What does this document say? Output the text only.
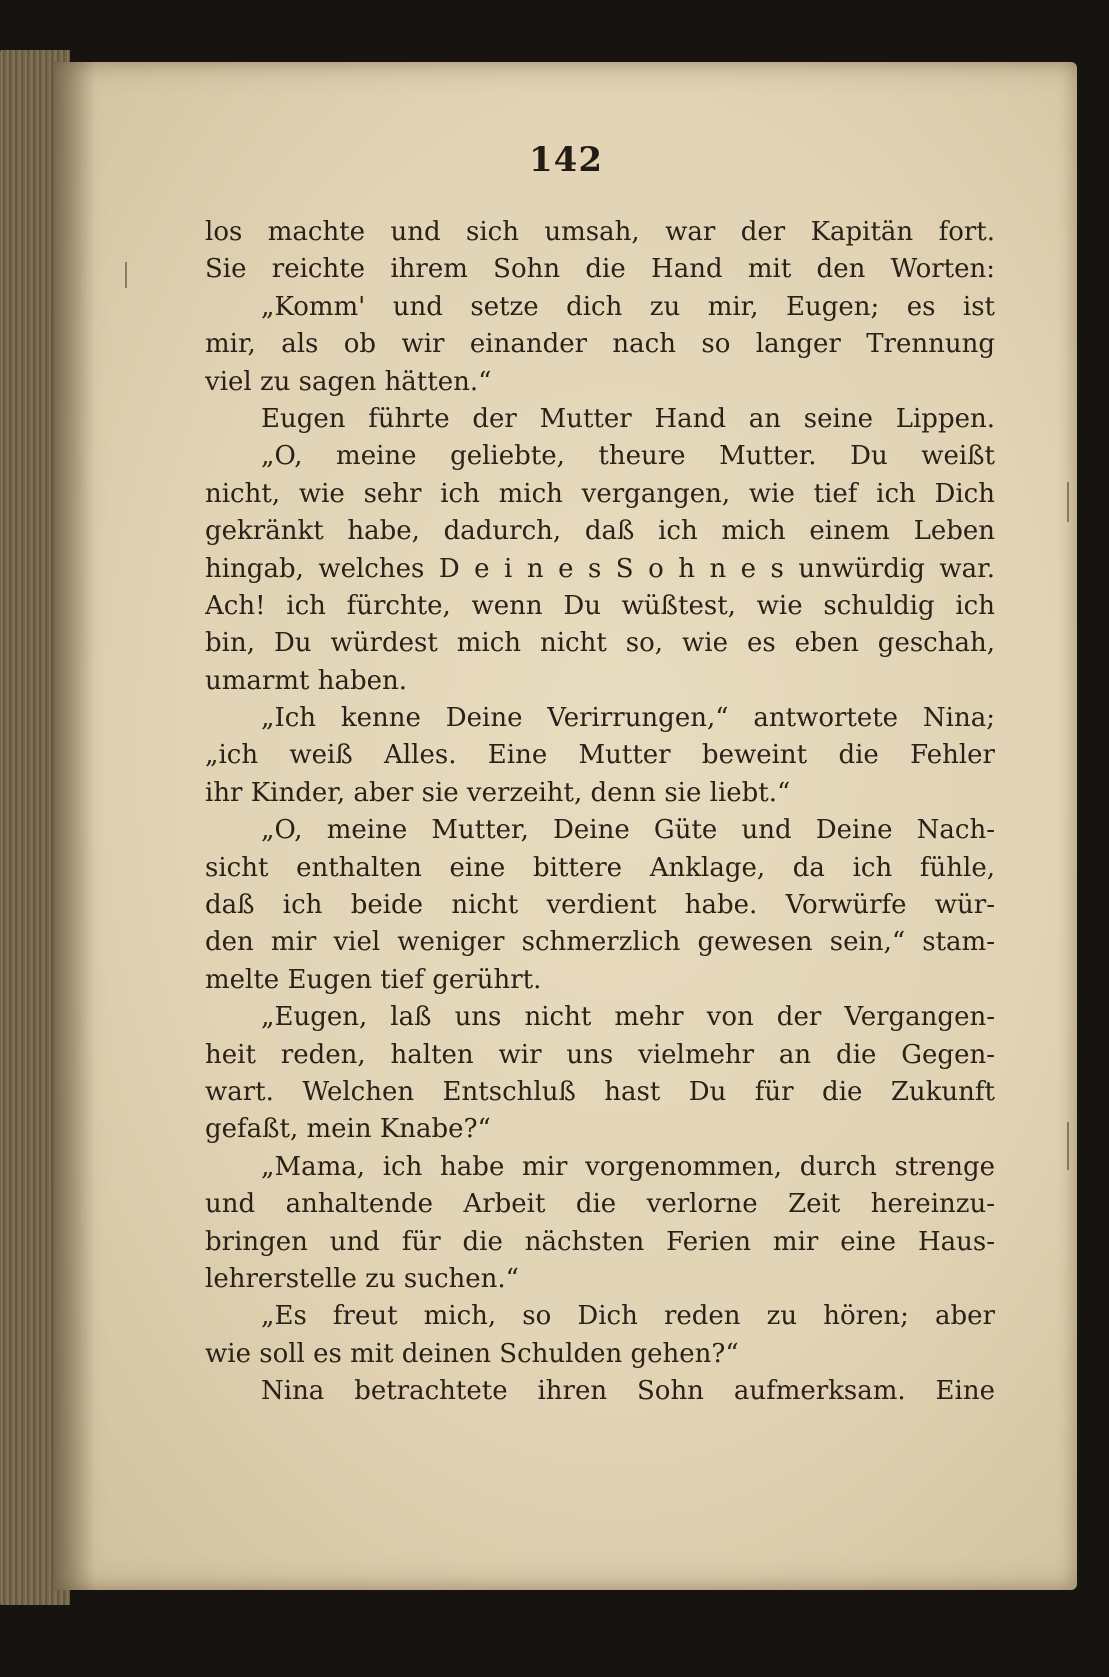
142
los machte und sich umsah, war der Kapitän fort.
Sie reichte ihrem Sohn die Hand mit den Worten:
„Komm' und setze dich zu mir, Eugen; es ist
mir, als ob wir einander nach so langer Trennung
viel zu sagen hätten.“
Eugen führte der Mutter Hand an seine Lippen.
„O, meine geliebte, theure Mutter. Du weißt
nicht, wie sehr ich mich vergangen, wie tief ich Dich
gekränkt habe, dadurch, daß ich mich einem Leben
hingab, welches D e i n e s S o h n e s unwürdig war.
Ach! ich fürchte, wenn Du wüßtest, wie schuldig ich
bin, Du würdest mich nicht so, wie es eben geschah,
umarmt haben.
„Ich kenne Deine Verirrungen,“ antwortete Nina;
„ich weiß Alles. Eine Mutter beweint die Fehler
ihr Kinder, aber sie verzeiht, denn sie liebt.“
„O, meine Mutter, Deine Güte und Deine Nach-
sicht enthalten eine bittere Anklage, da ich fühle,
daß ich beide nicht verdient habe. Vorwürfe wür-
den mir viel weniger schmerzlich gewesen sein,“ stam-
melte Eugen tief gerührt.
„Eugen, laß uns nicht mehr von der Vergangen-
heit reden, halten wir uns vielmehr an die Gegen-
wart. Welchen Entschluß hast Du für die Zukunft
gefaßt, mein Knabe?“
„Mama, ich habe mir vorgenommen, durch strenge
und anhaltende Arbeit die verlorne Zeit hereinzu-
bringen und für die nächsten Ferien mir eine Haus-
lehrerstelle zu suchen.“
„Es freut mich, so Dich reden zu hören; aber
wie soll es mit deinen Schulden gehen?“
Nina betrachtete ihren Sohn aufmerksam. Eine
